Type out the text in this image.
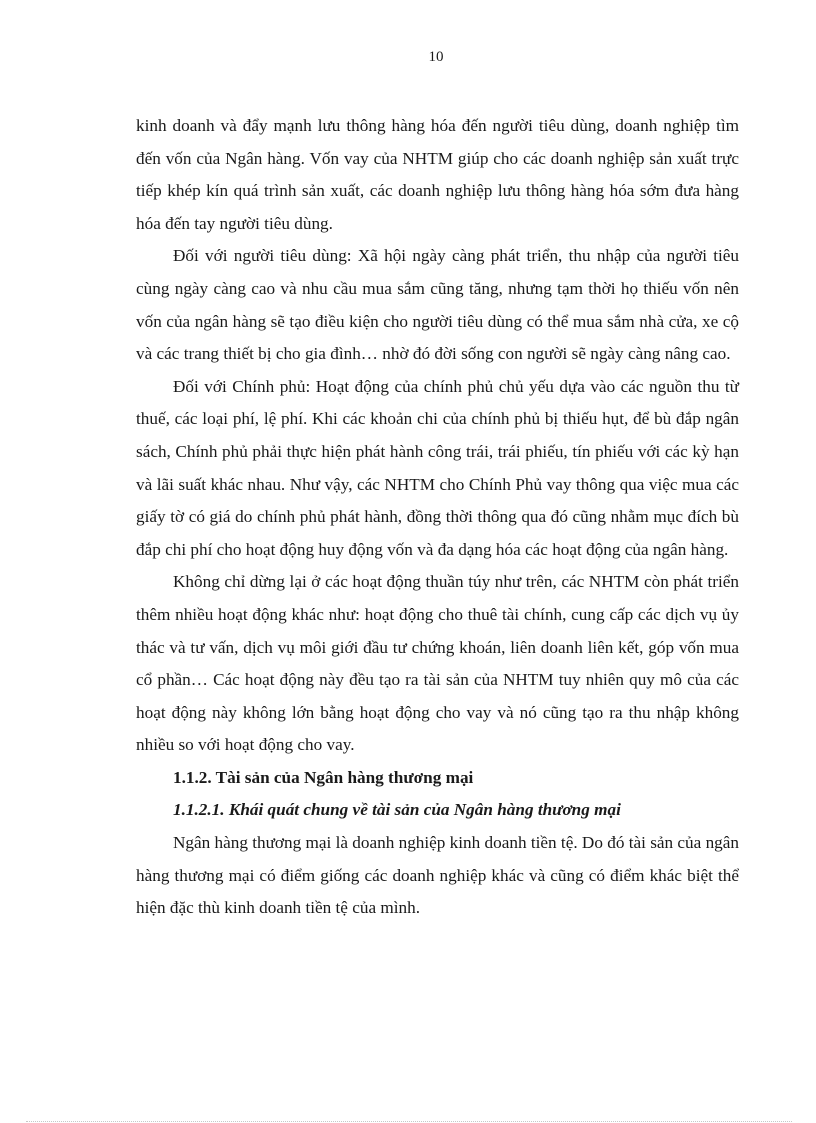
10

kinh doanh và đẩy mạnh lưu thông hàng hóa đến người tiêu dùng, doanh nghiệp tìm đến vốn của Ngân hàng. Vốn vay của NHTM giúp cho các doanh nghiệp sản xuất trực tiếp khép kín quá trình sản xuất, các doanh nghiệp lưu thông hàng hóa sớm đưa hàng hóa đến tay người tiêu dùng.

Đối với người tiêu dùng: Xã hội ngày càng phát triển, thu nhập của người tiêu cùng ngày càng cao và nhu cầu mua sắm cũng tăng, nhưng tạm thời họ thiếu vốn nên vốn của ngân hàng sẽ tạo điều kiện cho người tiêu dùng có thể mua sắm nhà cửa, xe cộ và các trang thiết bị cho gia đình… nhờ đó đời sống con người sẽ ngày càng nâng cao.

Đối với Chính phủ: Hoạt động của chính phủ chủ yếu dựa vào các nguồn thu từ thuế, các loại phí, lệ phí. Khi các khoản chi của chính phủ bị thiếu hụt, để bù đắp ngân sách, Chính phủ phải thực hiện phát hành công trái, trái phiếu, tín phiếu với các kỳ hạn và lãi suất khác nhau. Như vậy, các NHTM cho Chính Phủ vay thông qua việc mua các giấy tờ có giá do chính phủ phát hành, đồng thời thông qua đó cũng nhằm mục đích bù đắp chi phí cho hoạt động huy động vốn và đa dạng hóa các hoạt động của ngân hàng.

Không chỉ dừng lại ở các hoạt động thuần túy như trên, các NHTM còn phát triển thêm nhiều hoạt động khác như: hoạt động cho thuê tài chính, cung cấp các dịch vụ ủy thác và tư vấn, dịch vụ môi giới đầu tư chứng khoán, liên doanh liên kết, góp vốn mua cổ phần… Các hoạt động này đều tạo ra tài sản của NHTM tuy nhiên quy mô của các hoạt động này không lớn bằng hoạt động cho vay và nó cũng tạo ra thu nhập không nhiều so với hoạt động cho vay.

1.1.2. Tài sản của Ngân hàng thương mại
1.1.2.1. Khái quát chung về tài sản của Ngân hàng thương mại

Ngân hàng thương mại là doanh nghiệp kinh doanh tiền tệ. Do đó tài sản của ngân hàng thương mại có điểm giống các doanh nghiệp khác và cũng có điểm khác biệt thể hiện đặc thù kinh doanh tiền tệ của mình.
